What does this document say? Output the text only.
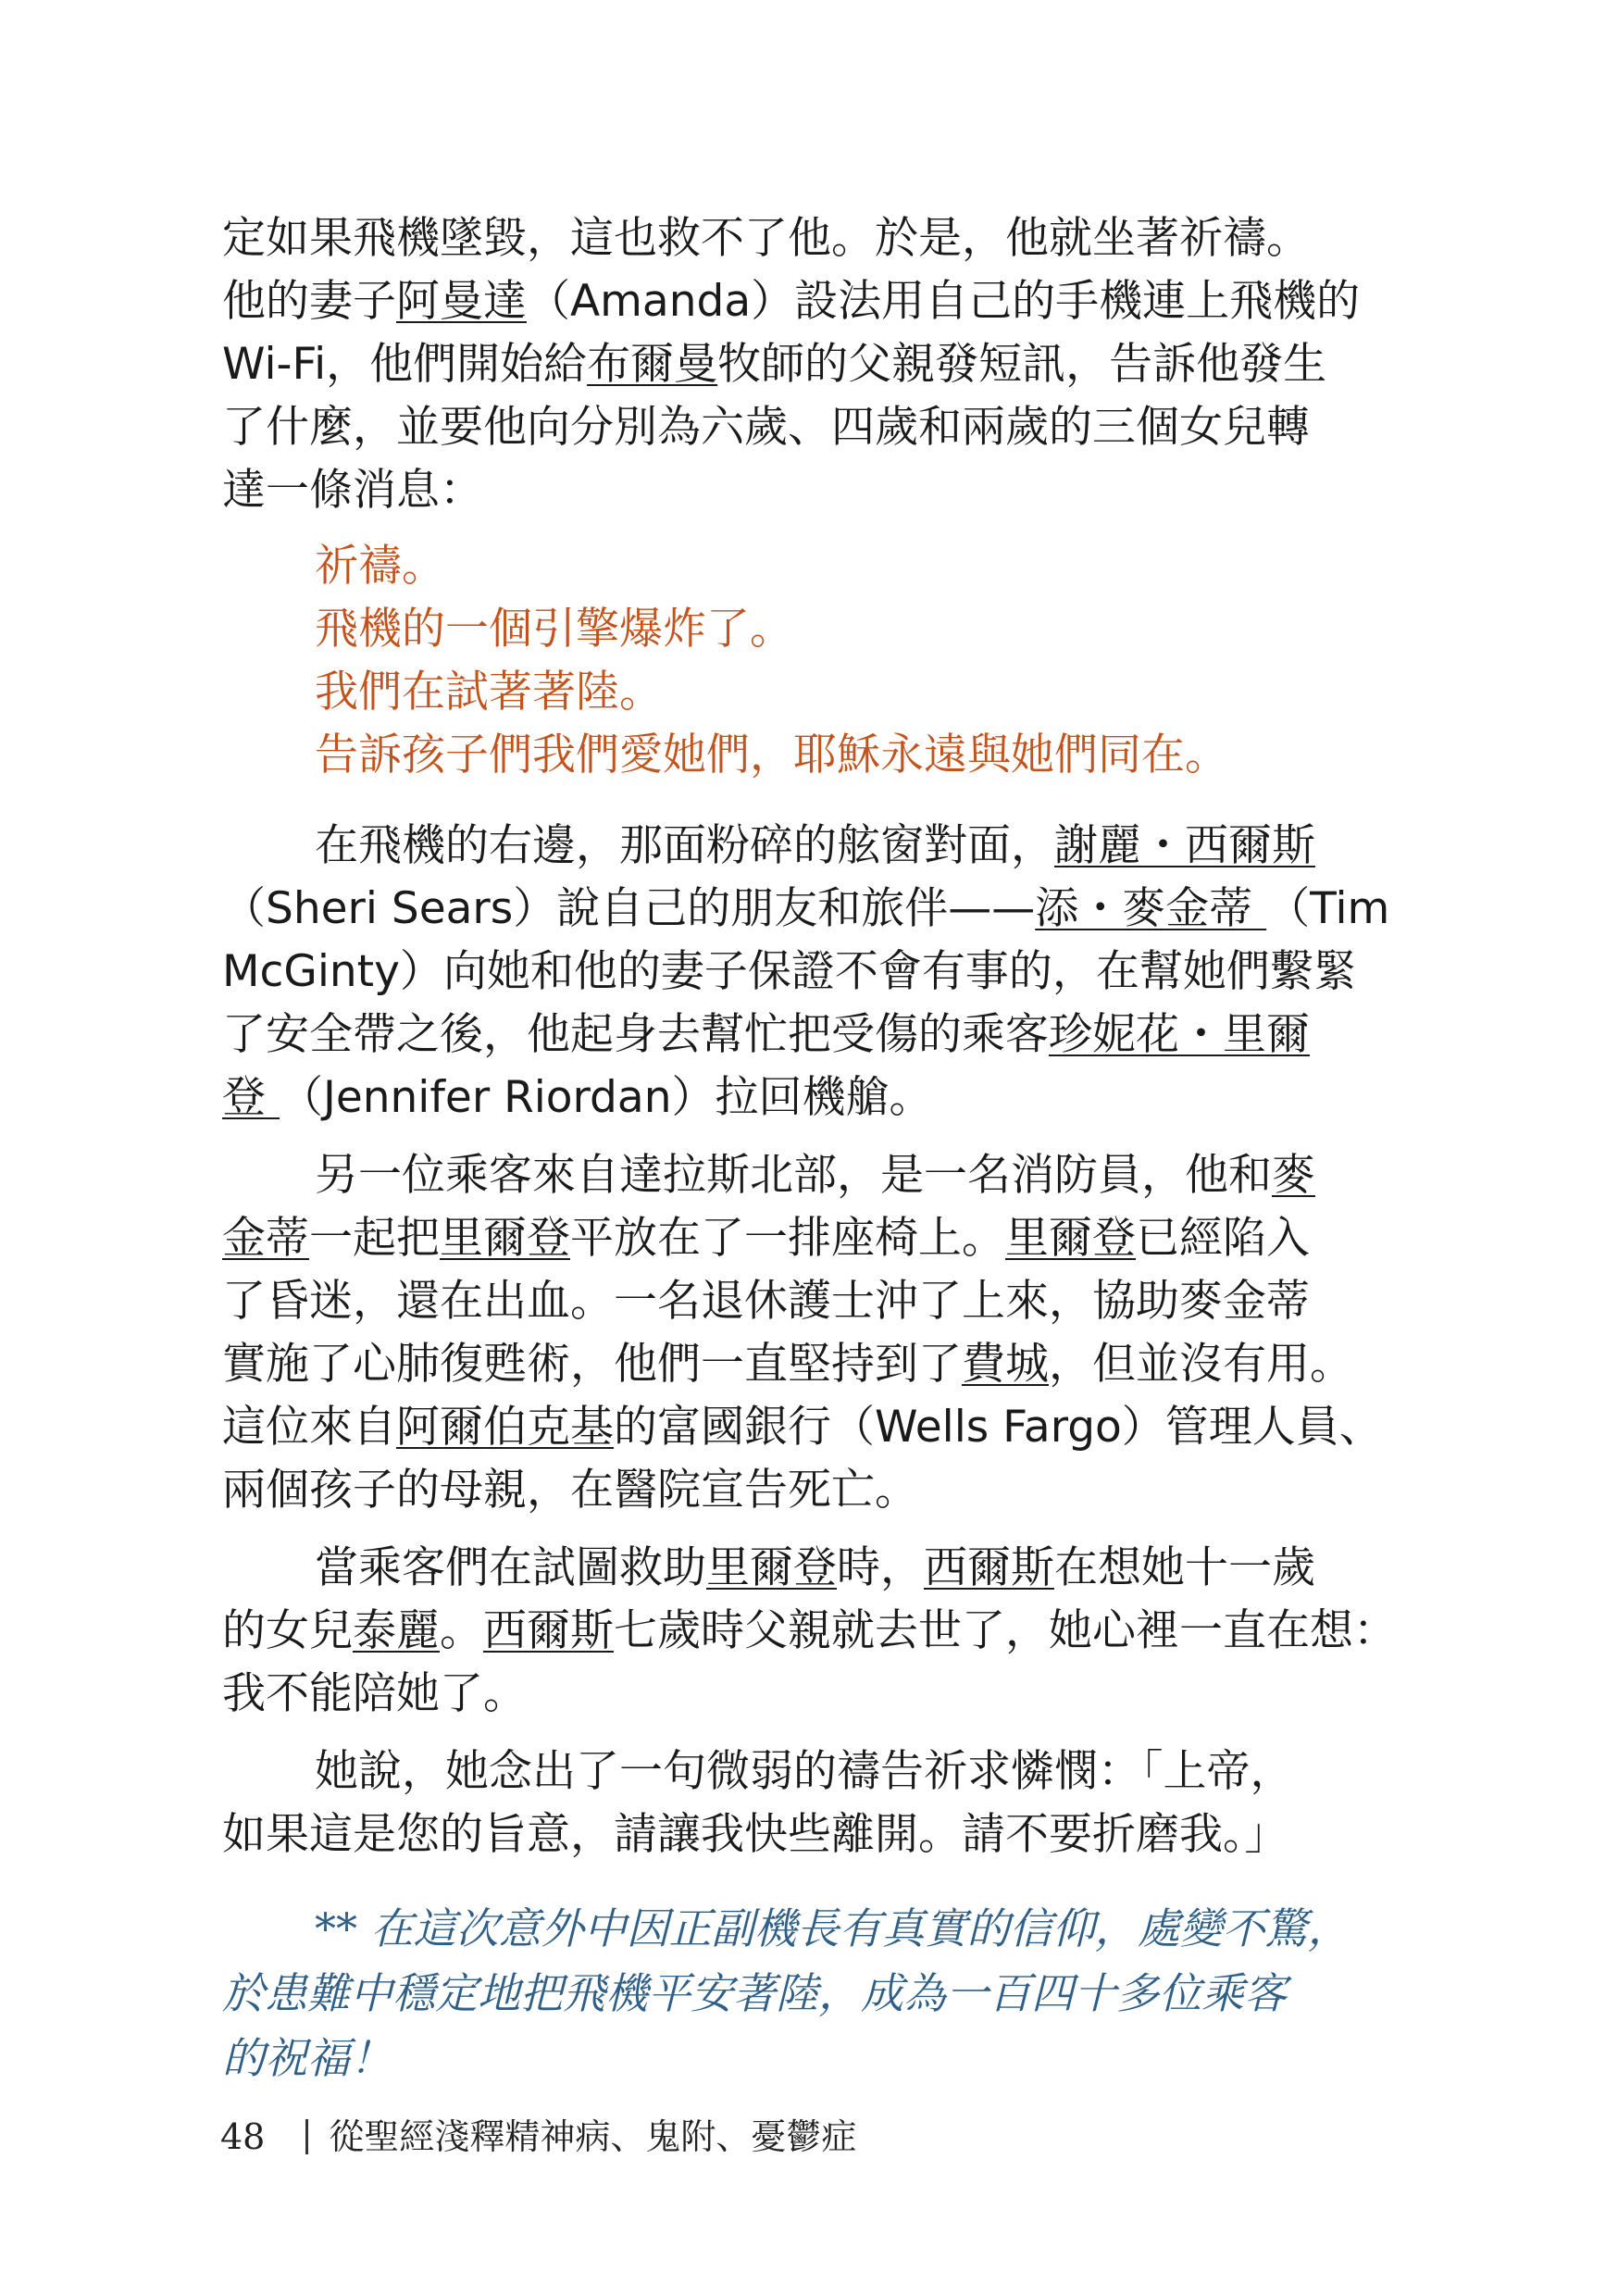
定如果飛機墜毀，這也救不了他。於是，他就坐著祈禱。
他的妻子阿曼達（Amanda）設法用自己的手機連上飛機的
Wi-Fi，他們開始給布爾曼牧師的父親發短訊，告訴他發生
了什麼，並要他向分別為六歲、四歲和兩歲的三個女兒轉
達一條消息：
祈禱。
飛機的一個引擎爆炸了。
我們在試著著陸。
告訴孩子們我們愛她們，耶穌永遠與她們同在。
在飛機的右邊，那面粉碎的舷窗對面，謝麗・西爾斯
（Sheri Sears）說自己的朋友和旅伴——添・麥金蒂 （Tim
McGinty）向她和他的妻子保證不會有事的，在幫她們繫緊
了安全帶之後，他起身去幫忙把受傷的乘客珍妮花・里爾
登 （Jennifer Riordan）拉回機艙。
另一位乘客來自達拉斯北部，是一名消防員，他和麥
金蒂一起把里爾登平放在了一排座椅上。里爾登已經陷入
了昏迷，還在出血。一名退休護士沖了上來，協助麥金蒂
實施了心肺復甦術，他們一直堅持到了費城，但並沒有用。
這位來自阿爾伯克基的富國銀行（Wells Fargo）管理人員、
兩個孩子的母親，在醫院宣告死亡。
當乘客們在試圖救助里爾登時，西爾斯在想她十一歲
的女兒泰麗。西爾斯七歲時父親就去世了，她心裡一直在想：
我不能陪她了。
她說，她念出了一句微弱的禱告祈求憐憫：「上帝，
如果這是您的旨意，請讓我快些離開。請不要折磨我。」
** 在這次意外中因正副機長有真實的信仰，處變不驚，
於患難中穩定地把飛機平安著陸，成為一百四十多位乘客
的祝福！
48 從聖經淺釋精神病、鬼附、憂鬱症
